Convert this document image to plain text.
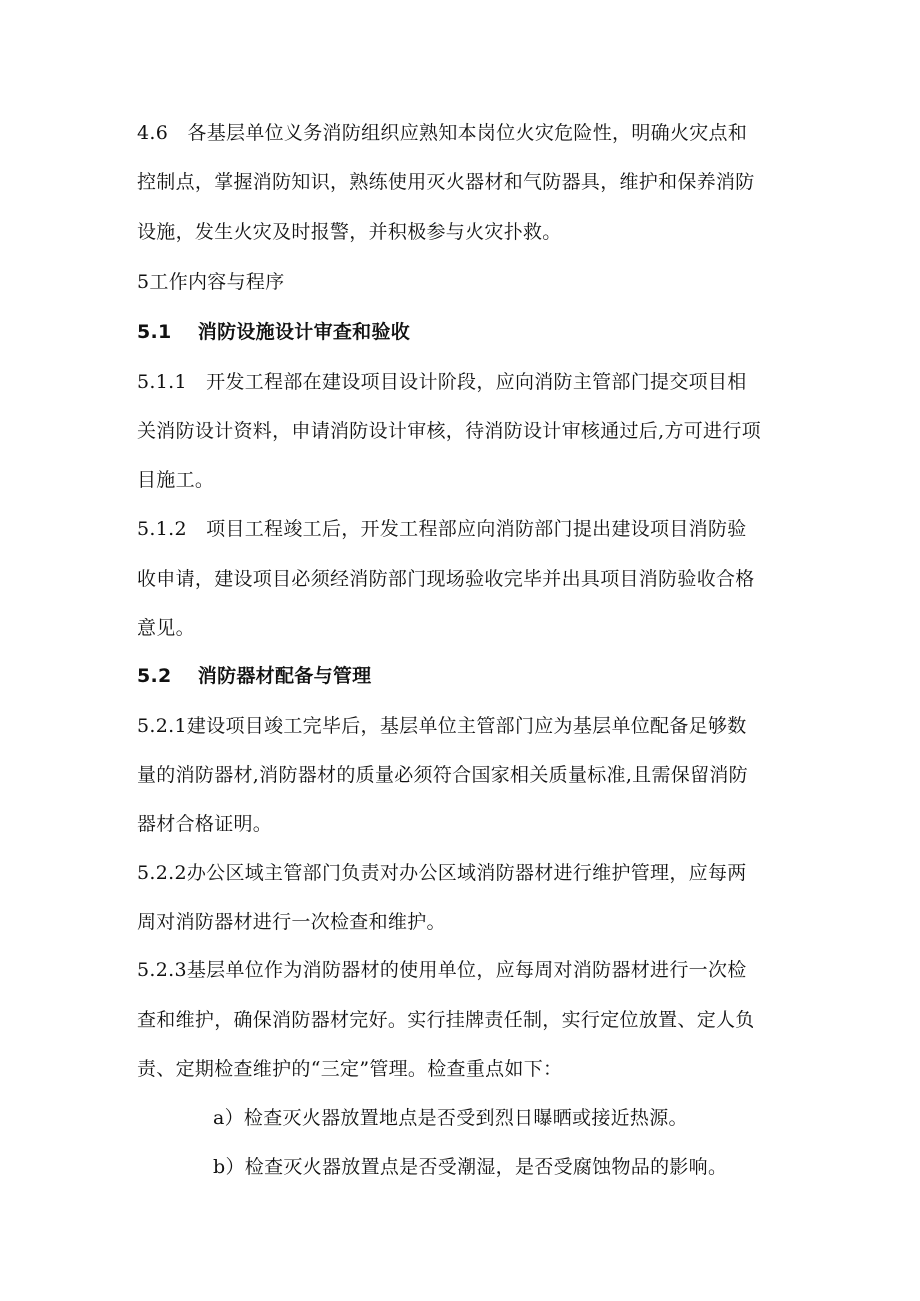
4.6　各基层单位义务消防组织应熟知本岗位火灾危险性，明确火灾点和
控制点，掌握消防知识，熟练使用灭火器材和气防器具，维护和保养消防
设施，发生火灾及时报警，并积极参与火灾扑救。
5工作内容与程序
5.1　 消防设施设计审查和验收
5.1.1　开发工程部在建设项目设计阶段，应向消防主管部门提交项目相
关消防设计资料，申请消防设计审核，待消防设计审核通过后,方可进行项
目施工。
5.1.2　项目工程竣工后，开发工程部应向消防部门提出建设项目消防验
收申请，建设项目必须经消防部门现场验收完毕并出具项目消防验收合格
意见。
5.2　 消防器材配备与管理
5.2.1建设项目竣工完毕后，基层单位主管部门应为基层单位配备足够数
量的消防器材,消防器材的质量必须符合国家相关质量标准,且需保留消防
器材合格证明。
5.2.2办公区域主管部门负责对办公区域消防器材进行维护管理，应每两
周对消防器材进行一次检查和维护。
5.2.3基层单位作为消防器材的使用单位，应每周对消防器材进行一次检
查和维护，确保消防器材完好。实行挂牌责任制，实行定位放置、定人负
责、定期检查维护的“三定”管理。检查重点如下：
a）检查灭火器放置地点是否受到烈日曝晒或接近热源。
b）检查灭火器放置点是否受潮湿，是否受腐蚀物品的影响。
